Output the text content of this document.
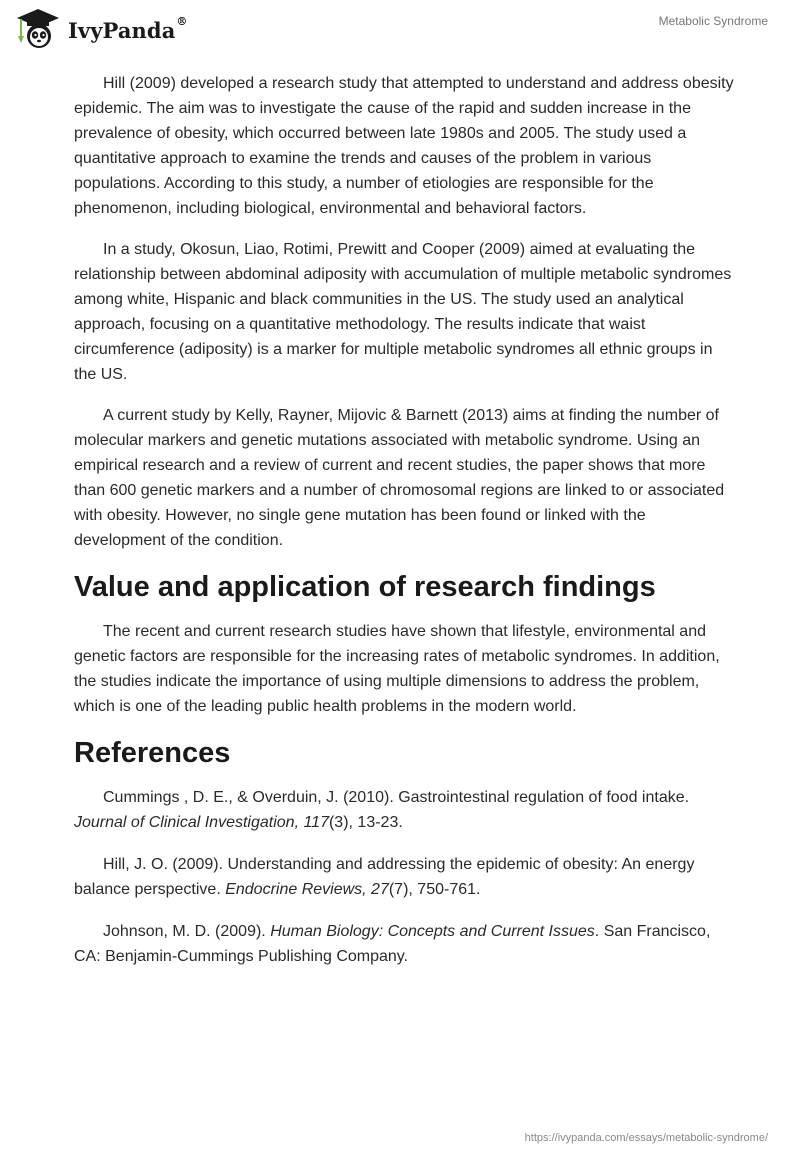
IvyPanda®	Metabolic Syndrome

Hill (2009) developed a research study that attempted to understand and address obesity epidemic. The aim was to investigate the cause of the rapid and sudden increase in the prevalence of obesity, which occurred between late 1980s and 2005. The study used a quantitative approach to examine the trends and causes of the problem in various populations. According to this study, a number of etiologies are responsible for the phenomenon, including biological, environmental and behavioral factors.

In a study, Okosun, Liao, Rotimi, Prewitt and Cooper (2009) aimed at evaluating the relationship between abdominal adiposity with accumulation of multiple metabolic syndromes among white, Hispanic and black communities in the US. The study used an analytical approach, focusing on a quantitative methodology. The results indicate that waist circumference (adiposity) is a marker for multiple metabolic syndromes all ethnic groups in the US.

A current study by Kelly, Rayner, Mijovic & Barnett (2013) aims at finding the number of molecular markers and genetic mutations associated with metabolic syndrome. Using an empirical research and a review of current and recent studies, the paper shows that more than 600 genetic markers and a number of chromosomal regions are linked to or associated with obesity. However, no single gene mutation has been found or linked with the development of the condition.

Value and application of research findings

The recent and current research studies have shown that lifestyle, environmental and genetic factors are responsible for the increasing rates of metabolic syndromes. In addition, the studies indicate the importance of using multiple dimensions to address the problem, which is one of the leading public health problems in the modern world.

References

Cummings , D. E., & Overduin, J. (2010). Gastrointestinal regulation of food intake. Journal of Clinical Investigation, 117(3), 13-23.

Hill, J. O. (2009). Understanding and addressing the epidemic of obesity: An energy balance perspective. Endocrine Reviews, 27(7), 750-761.

Johnson, M. D. (2009). Human Biology: Concepts and Current Issues. San Francisco, CA: Benjamin-Cummings Publishing Company.

https://ivypanda.com/essays/metabolic-syndrome/
